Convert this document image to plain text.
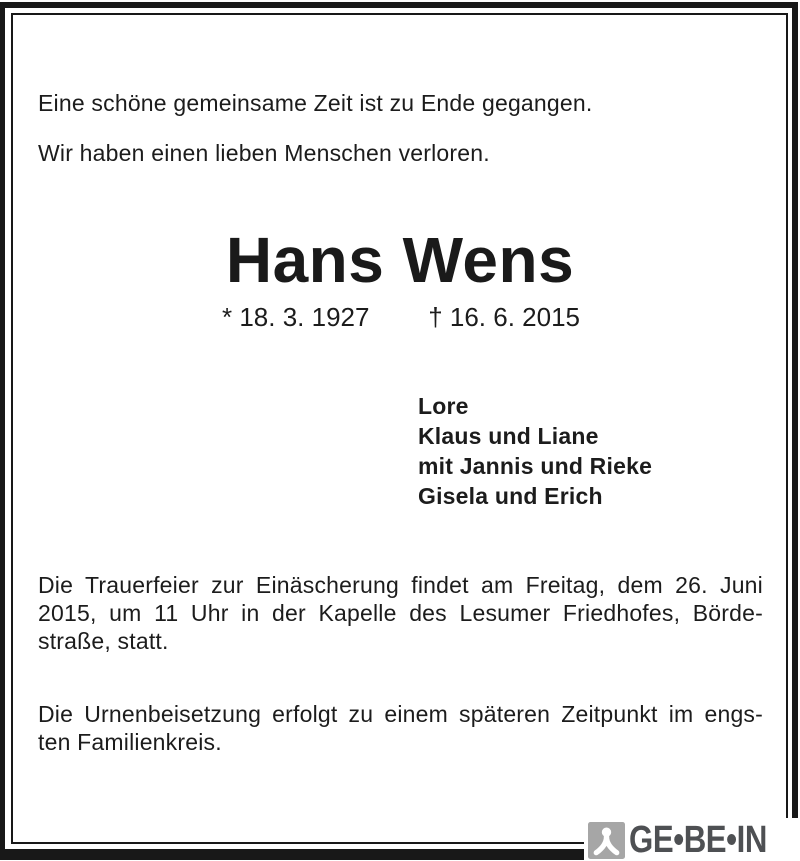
Eine schöne gemeinsame Zeit ist zu Ende gegangen.
Wir haben einen lieben Menschen verloren.
Hans Wens
* 18. 3. 1927 † 16. 6. 2015
Lore
Klaus und Liane
mit Jannis und Rieke
Gisela und Erich
Die Trauerfeier zur Einäscherung findet am Freitag, dem 26. Juni
2015, um 11 Uhr in der Kapelle des Lesumer Friedhofes, Börde-
straße, statt.
Die Urnenbeisetzung erfolgt zu einem späteren Zeitpunkt im engs-
ten Familienkreis.
GE•BE•IN
